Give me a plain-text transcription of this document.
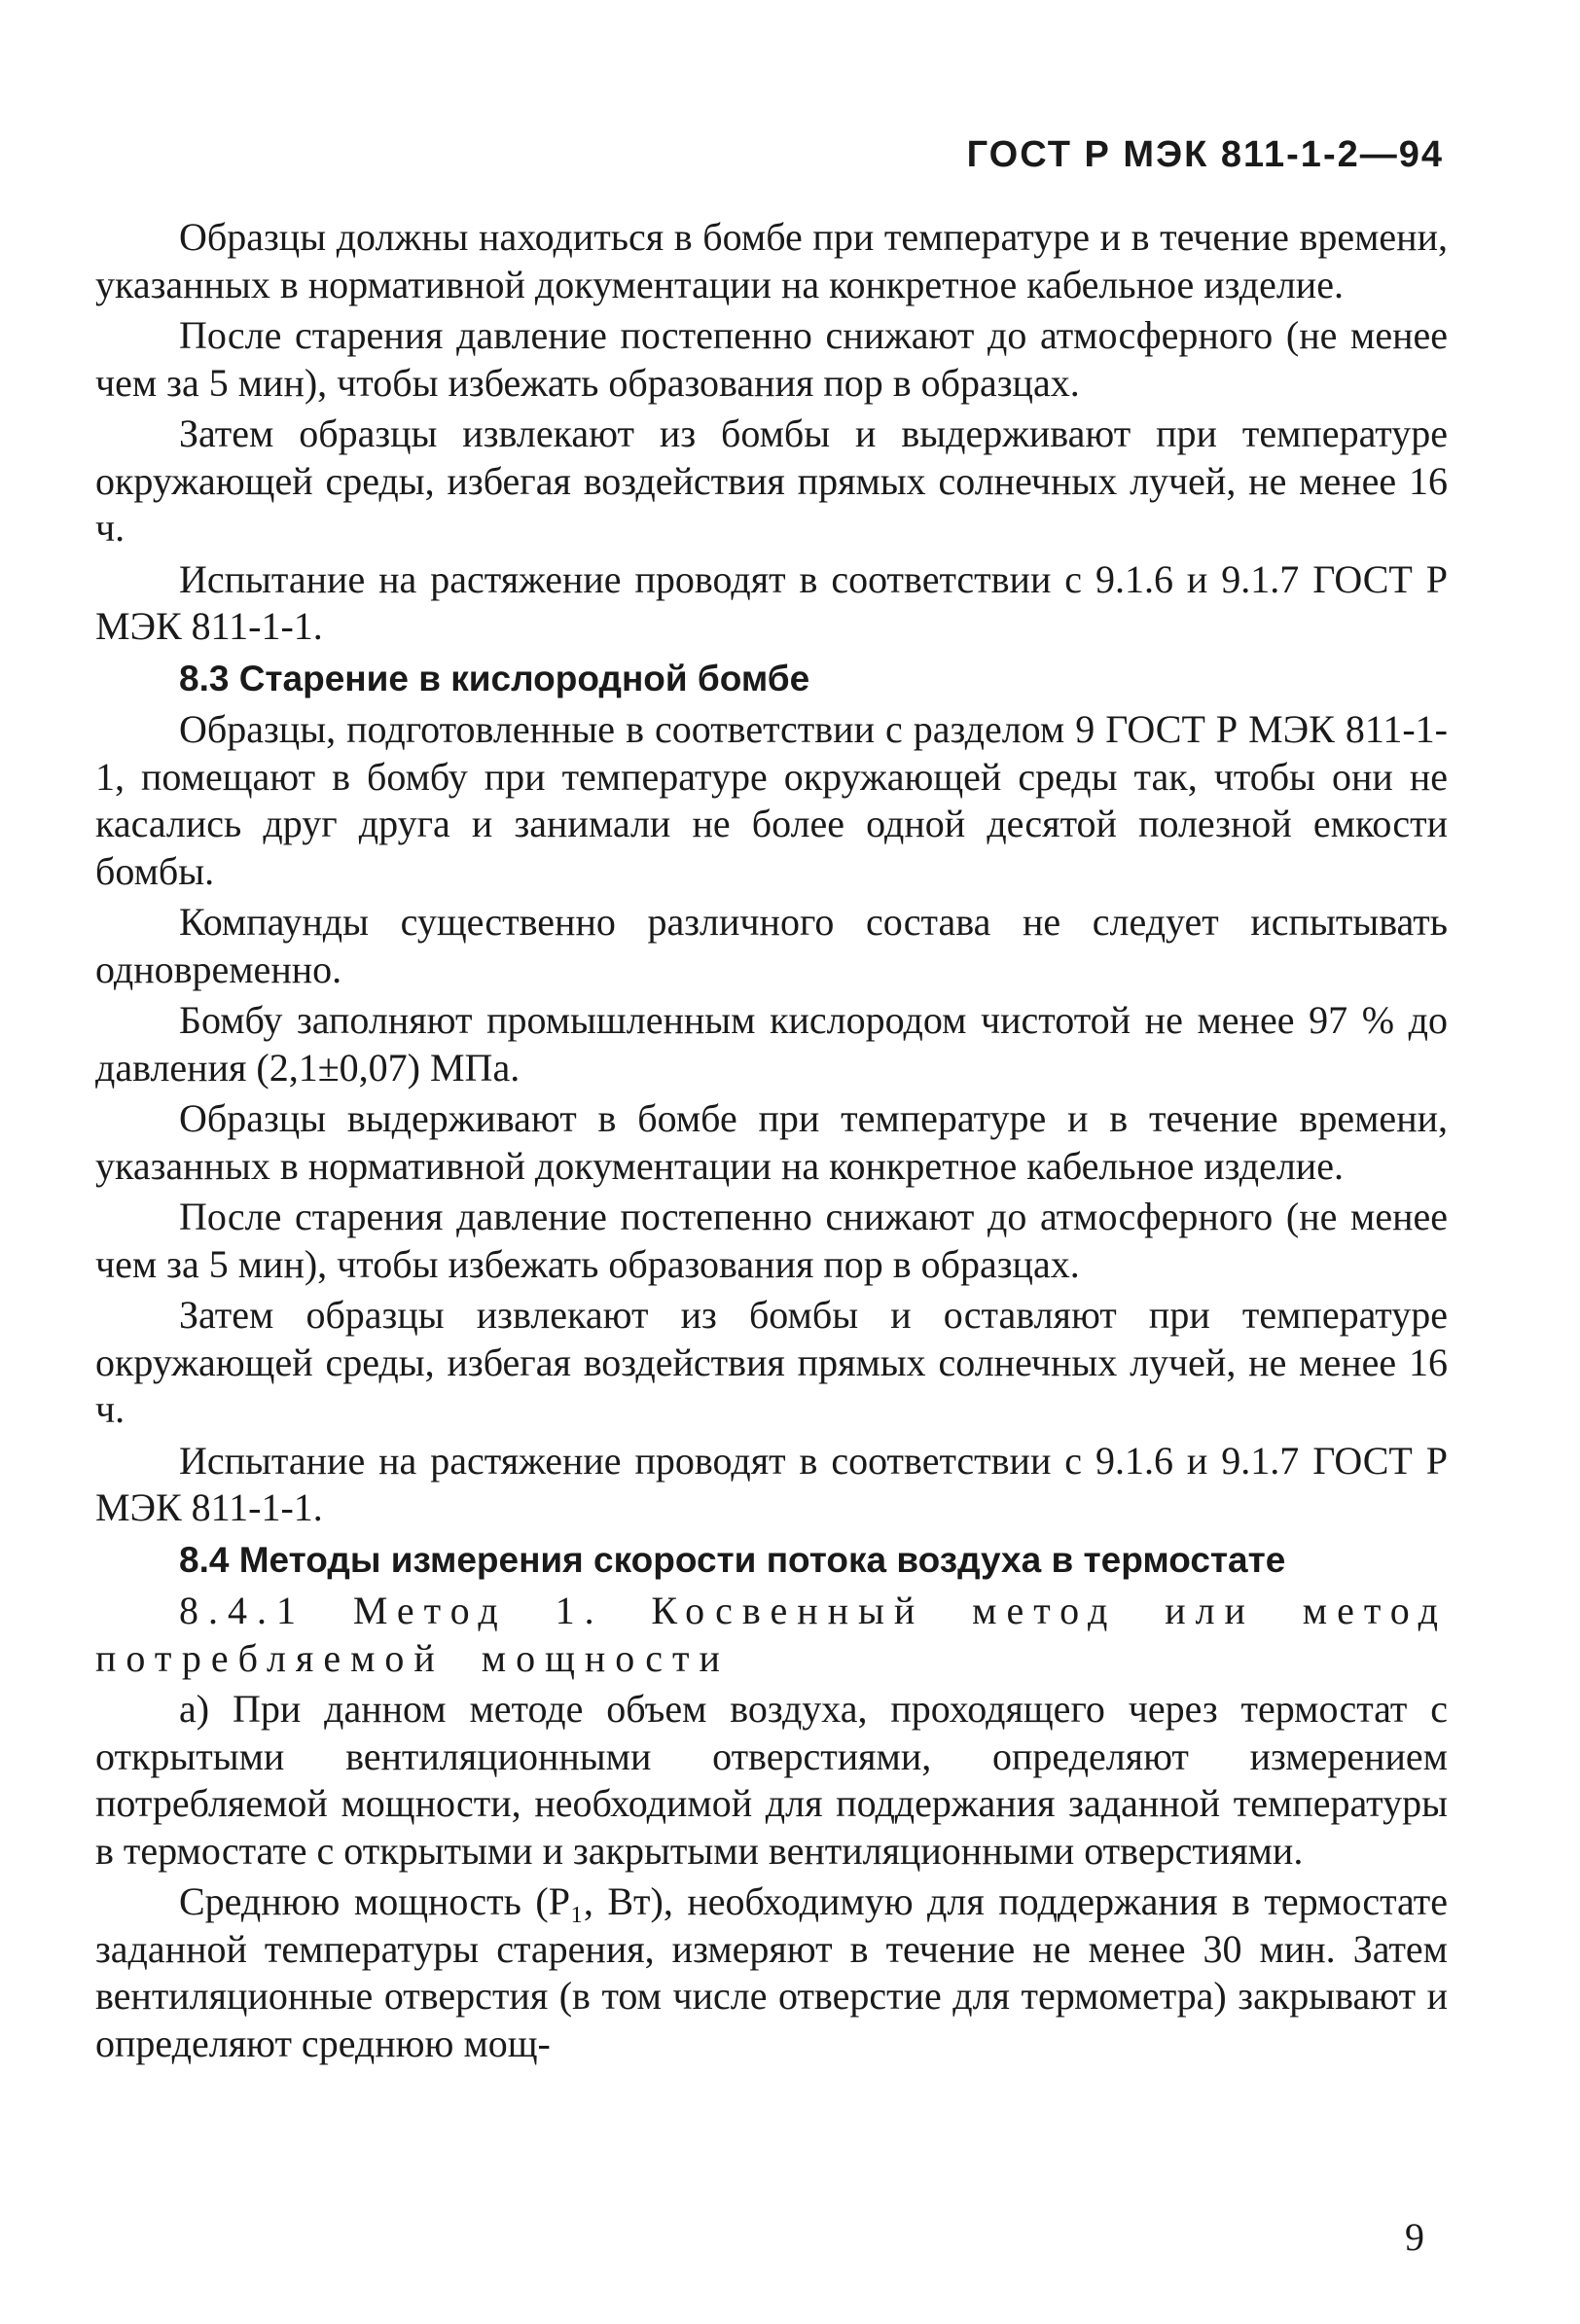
ГОСТ Р МЭК 811-1-2—94

Образцы должны находиться в бомбе при температуре и в течение времени, указанных в нормативной документации на конкретное кабельное изделие.

После старения давление постепенно снижают до атмосферного (не менее чем за 5 мин), чтобы избежать образования пор в образцах.

Затем образцы извлекают из бомбы и выдерживают при температуре окружающей среды, избегая воздействия прямых солнечных лучей, не менее 16 ч.

Испытание на растяжение проводят в соответствии с 9.1.6 и 9.1.7 ГОСТ Р МЭК 811-1-1.

8.3 Старение в кислородной бомбе

Образцы, подготовленные в соответствии с разделом 9 ГОСТ Р МЭК 811-1-1, помещают в бомбу при температуре окружающей среды так, чтобы они не касались друг друга и занимали не более одной десятой полезной емкости бомбы.

Компаунды существенно различного состава не следует испытывать одновременно.

Бомбу заполняют промышленным кислородом чистотой не менее 97 % до давления (2,1±0,07) МПа.

Образцы выдерживают в бомбе при температуре и в течение времени, указанных в нормативной документации на конкретное кабельное изделие.

После старения давление постепенно снижают до атмосферного (не менее чем за 5 мин), чтобы избежать образования пор в образцах.

Затем образцы извлекают из бомбы и оставляют при температуре окружающей среды, избегая воздействия прямых солнечных лучей, не менее 16 ч.

Испытание на растяжение проводят в соответствии с 9.1.6 и 9.1.7 ГОСТ Р МЭК 811-1-1.

8.4 Методы измерения скорости потока воздуха в термостате

8.4.1 Метод 1. Косвенный метод или метод потребляемой мощности

а) При данном методе объем воздуха, проходящего через термостат с открытыми вентиляционными отверстиями, определяют измерением потребляемой мощности, необходимой для поддержания заданной температуры в термостате с открытыми и закрытыми вентиляционными отверстиями.

Среднюю мощность (P₁, Вт), необходимую для поддержания в термостате заданной температуры старения, измеряют в течение не менее 30 мин. Затем вентиляционные отверстия (в том числе отверстие для термометра) закрывают и определяют среднюю мощ-

9
